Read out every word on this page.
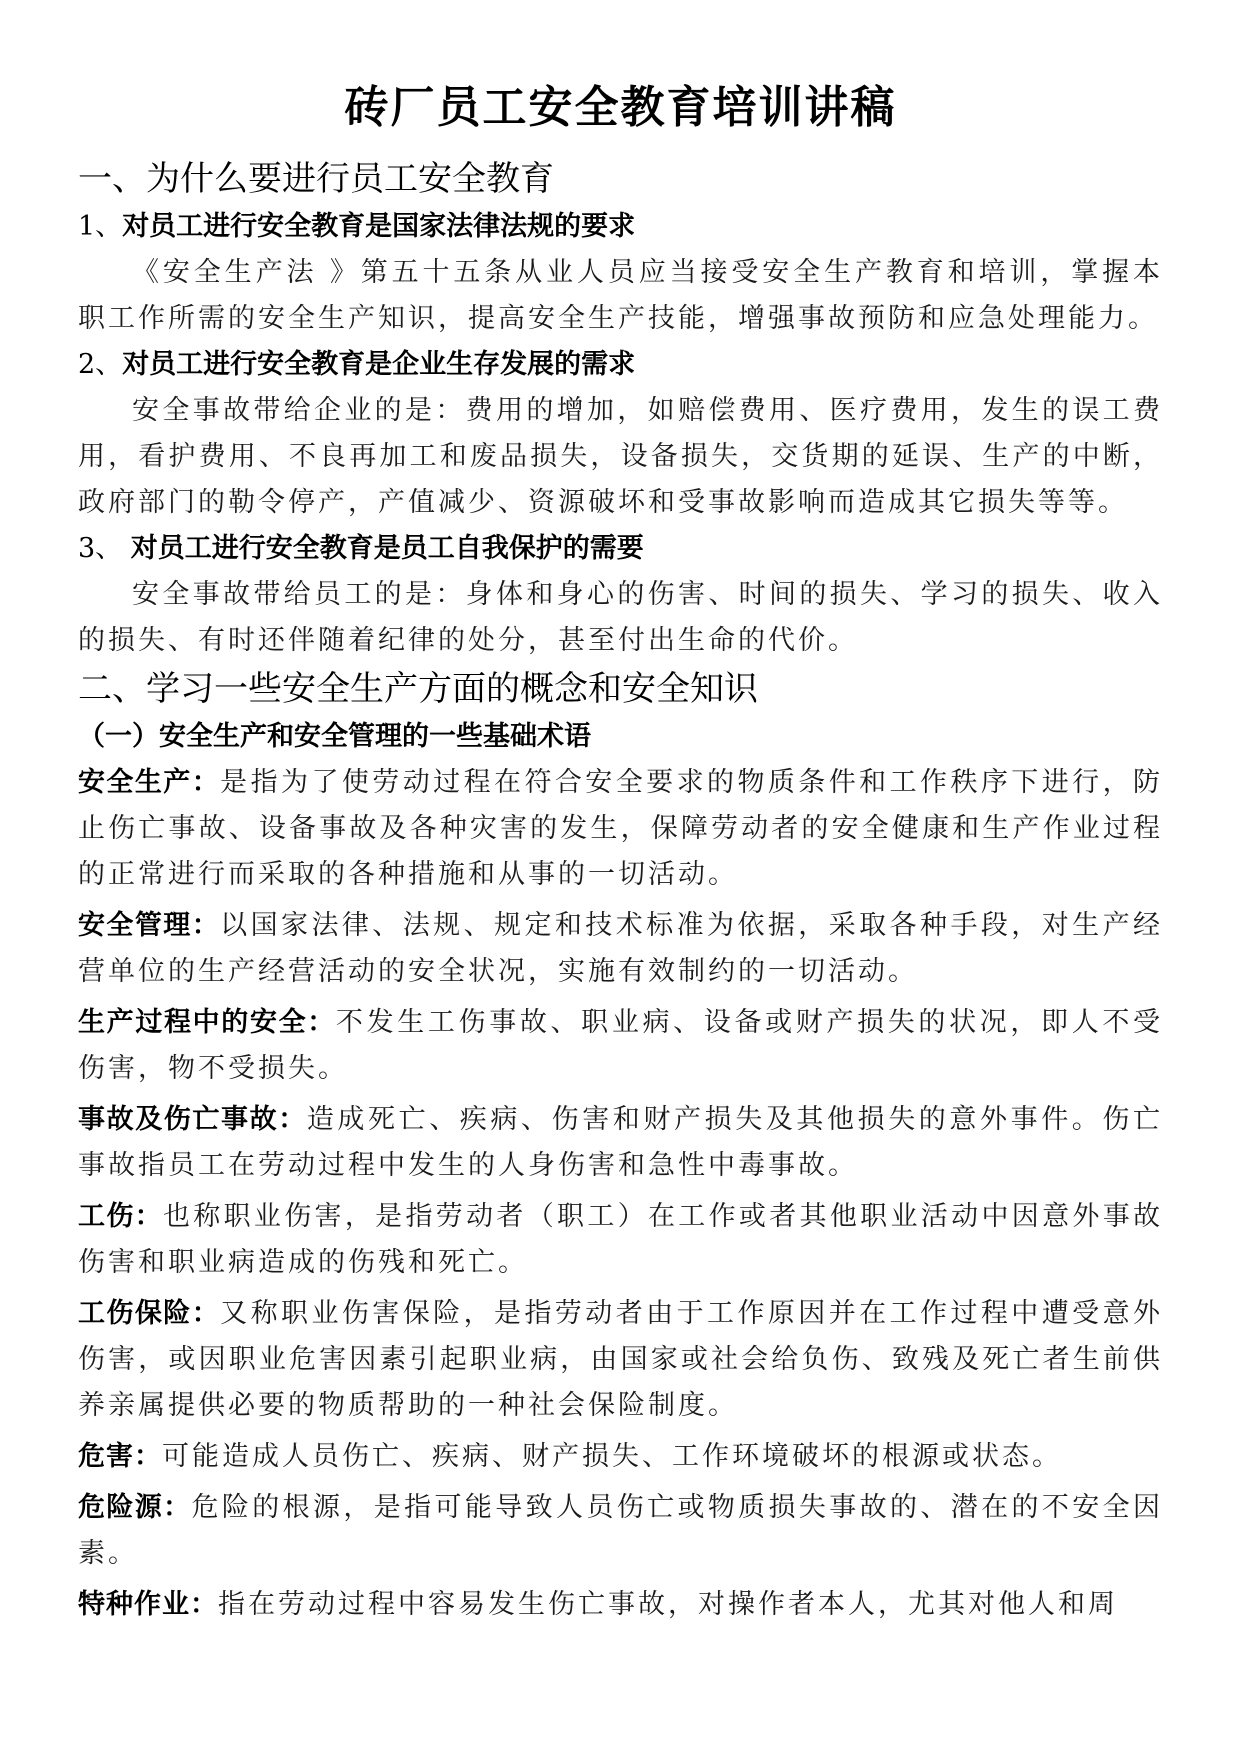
砖厂员工安全教育培训讲稿
一、为什么要进行员工安全教育
1、对员工进行安全教育是国家法律法规的要求

《安全生产法 》第五十五条从业人员应当接受安全生产教育和培训，掌握本职工作所需的安全生产知识，提高安全生产技能，增强事故预防和应急处理能力。

2、对员工进行安全教育是企业生存发展的需求

安全事故带给企业的是：费用的增加，如赔偿费用、医疗费用，发生的误工费用，看护费用、不良再加工和废品损失，设备损失，交货期的延误、生产的中断，政府部门的勒令停产，产值减少、资源破坏和受事故影响而造成其它损失等等。

3、 对员工进行安全教育是员工自我保护的需要

安全事故带给员工的是：身体和身心的伤害、时间的损失、学习的损失、收入的损失、有时还伴随着纪律的处分，甚至付出生命的代价。

二、学习一些安全生产方面的概念和安全知识
（一）安全生产和安全管理的一些基础术语

安全生产：是指为了使劳动过程在符合安全要求的物质条件和工作秩序下进行，防止伤亡事故、设备事故及各种灾害的发生，保障劳动者的安全健康和生产作业过程的正常进行而采取的各种措施和从事的一切活动。

安全管理：以国家法律、法规、规定和技术标准为依据，采取各种手段，对生产经营单位的生产经营活动的安全状况，实施有效制约的一切活动。

生产过程中的安全：不发生工伤事故、职业病、设备或财产损失的状况，即人不受伤害，物不受损失。

事故及伤亡事故：造成死亡、疾病、伤害和财产损失及其他损失的意外事件。伤亡事故指员工在劳动过程中发生的人身伤害和急性中毒事故。

工伤：也称职业伤害，是指劳动者（职工）在工作或者其他职业活动中因意外事故伤害和职业病造成的伤残和死亡。

工伤保险：又称职业伤害保险，是指劳动者由于工作原因并在工作过程中遭受意外伤害，或因职业危害因素引起职业病，由国家或社会给负伤、致残及死亡者生前供养亲属提供必要的物质帮助的一种社会保险制度。

危害：可能造成人员伤亡、疾病、财产损失、工作环境破坏的根源或状态。

危险源：危险的根源，是指可能导致人员伤亡或物质损失事故的、潜在的不安全因素。

特种作业：指在劳动过程中容易发生伤亡事故，对操作者本人，尤其对他人和周
